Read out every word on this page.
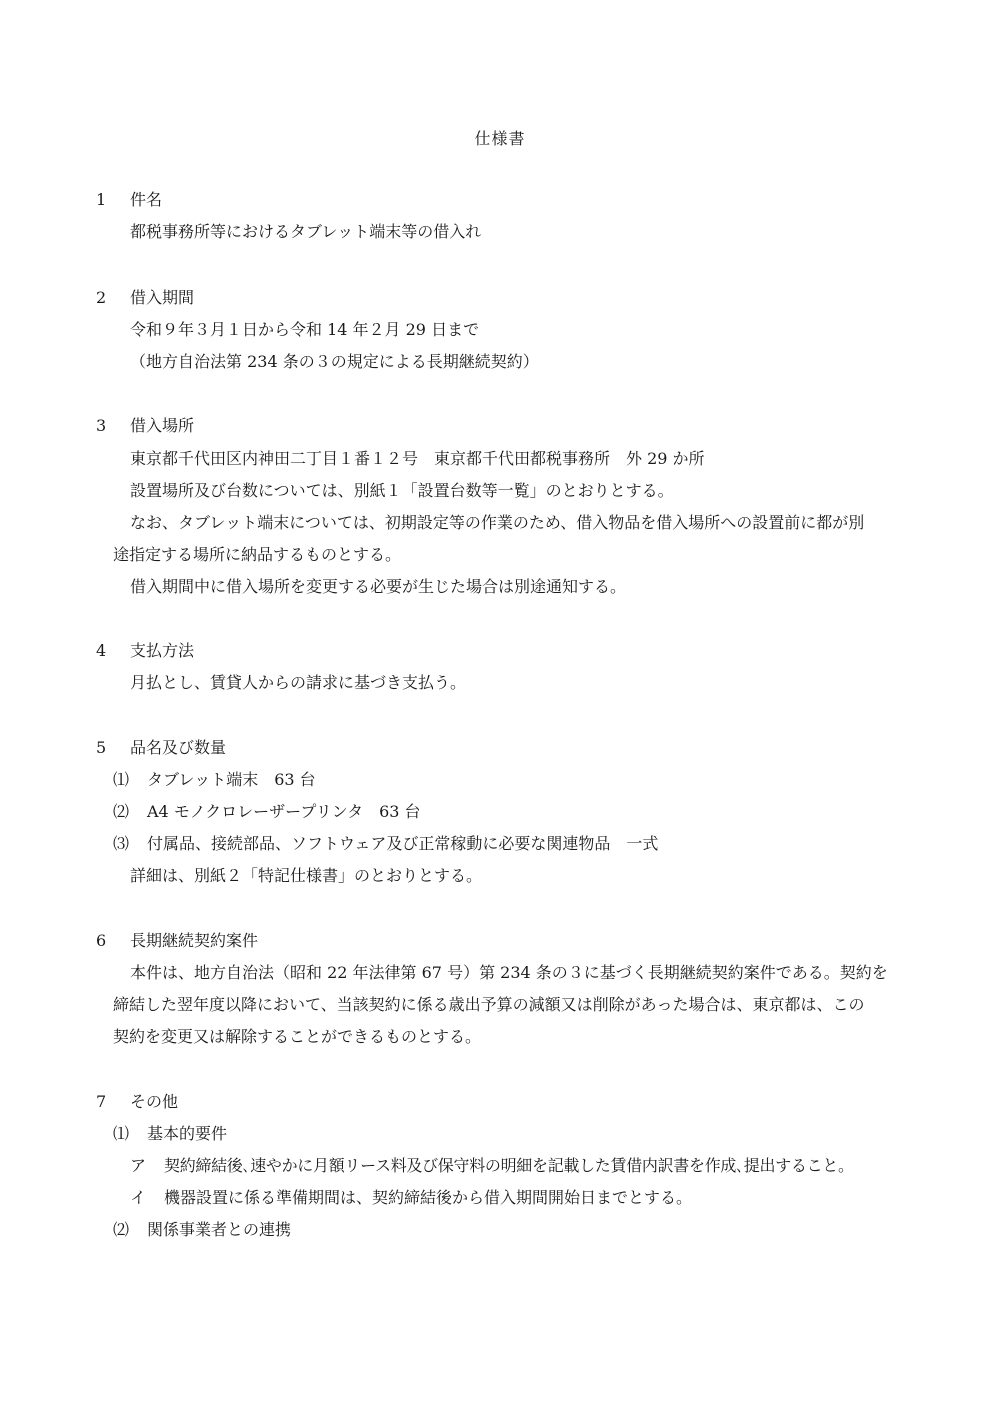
仕様書
1 件名
都税事務所等におけるタブレット端末等の借入れ
2 借入期間
令和９年３月１日から令和 14 年２月 29 日まで
（地方自治法第 234 条の３の規定による長期継続契約）
3 借入場所
東京都千代田区内神田二丁目１番１２号　東京都千代田都税事務所　外 29 か所
設置場所及び台数については、別紙１「設置台数等一覧」のとおりとする。
なお、タブレット端末については、初期設定等の作業のため、借入物品を借入場所への設置前に都が別
途指定する場所に納品するものとする。
借入期間中に借入場所を変更する必要が生じた場合は別途通知する。
4 支払方法
月払とし、賃貸人からの請求に基づき支払う。
5 品名及び数量
⑴ タブレット端末　63 台
⑵ A4 モノクロレーザープリンタ　63 台
⑶ 付属品、接続部品、ソフトウェア及び正常稼動に必要な関連物品　一式
詳細は、別紙２「特記仕様書」のとおりとする。
6 長期継続契約案件
本件は、地方自治法（昭和 22 年法律第 67 号）第 234 条の３に基づく長期継続契約案件である。契約を
締結した翌年度以降において、当該契約に係る歳出予算の減額又は削除があった場合は、東京都は、この
契約を変更又は解除することができるものとする。
7 その他
⑴ 基本的要件
ア 契約締結後､速やかに月額リース料及び保守料の明細を記載した賃借内訳書を作成､提出すること。
イ 機器設置に係る準備期間は、契約締結後から借入期間開始日までとする。
⑵ 関係事業者との連携
